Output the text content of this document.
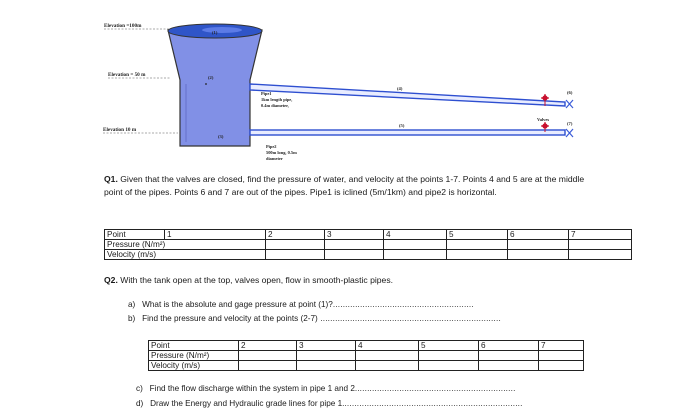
Elevation =100m
Elevation = 50 m
Elevation 10 m
(1)
(2)
(3)
Pipe1
1km length pipe,
0.4m diameter,
Pipe2
500m long, 0.5m
diameter
(4)
(5)
Valves
(6)
(7)

Q1. Given that the valves are closed, find the pressure of water, and velocity at the points 1-7. Points 4 and 5 are at the middle point of the pipes. Points 6 and 7 are out of the pipes. Pipe1 is iclined (5m/1km) and pipe2 is horizontal.

Point	1	2	3	4	5	6	7
Pressure (N/m²)							
Velocity (m/s)							

Q2. With the tank open at the top, valves open, flow in smooth-plastic pipes.

a)   What is the absolute and gage pressure at point (1)?.........................................................
b)   Find the pressure and velocity at the points (2-7) .........................................................................
Point	2	3	4	5	6	7
Pressure (N/m²)						
Velocity (m/s)						
c)   Find the flow discharge within the system in pipe 1 and 2.................................................................
d)   Draw the Energy and Hydraulic grade lines for pipe 1.........................................................................
